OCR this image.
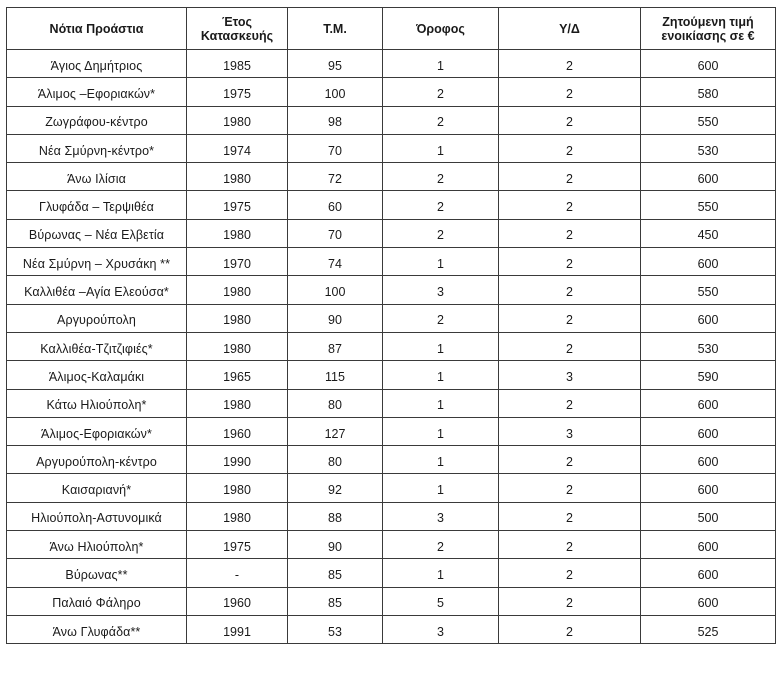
Νότια Προάστια	Έτος Κατασκευής	Τ.Μ.	Όροφος	Υ/Δ	Ζητούμενη τιμή ενοικίασης σε €
Άγιος Δημήτριος	1985	95	1	2	600
Άλιμος –Εφοριακών*	1975	100	2	2	580
Ζωγράφου-κέντρο	1980	98	2	2	550
Νέα Σμύρνη-κέντρο*	1974	70	1	2	530
Άνω Ιλίσια	1980	72	2	2	600
Γλυφάδα – Τερψιθέα	1975	60	2	2	550
Βύρωνας – Νέα Ελβετία	1980	70	2	2	450
Νέα Σμύρνη – Χρυσάκη **	1970	74	1	2	600
Καλλιθέα –Αγία Ελεούσα*	1980	100	3	2	550
Αργυρούπολη	1980	90	2	2	600
Καλλιθέα-Τζιτζιφιές*	1980	87	1	2	530
Άλιμος-Καλαμάκι	1965	115	1	3	590
Κάτω Ηλιούπολη*	1980	80	1	2	600
Άλιμος-Εφοριακών*	1960	127	1	3	600
Αργυρούπολη-κέντρο	1990	80	1	2	600
Καισαριανή*	1980	92	1	2	600
Ηλιούπολη-Αστυνομικά	1980	88	3	2	500
Άνω Ηλιούπολη*	1975	90	2	2	600
Βύρωνας**	-	85	1	2	600
Παλαιό Φάληρο	1960	85	5	2	600
Άνω Γλυφάδα**	1991	53	3	2	525
